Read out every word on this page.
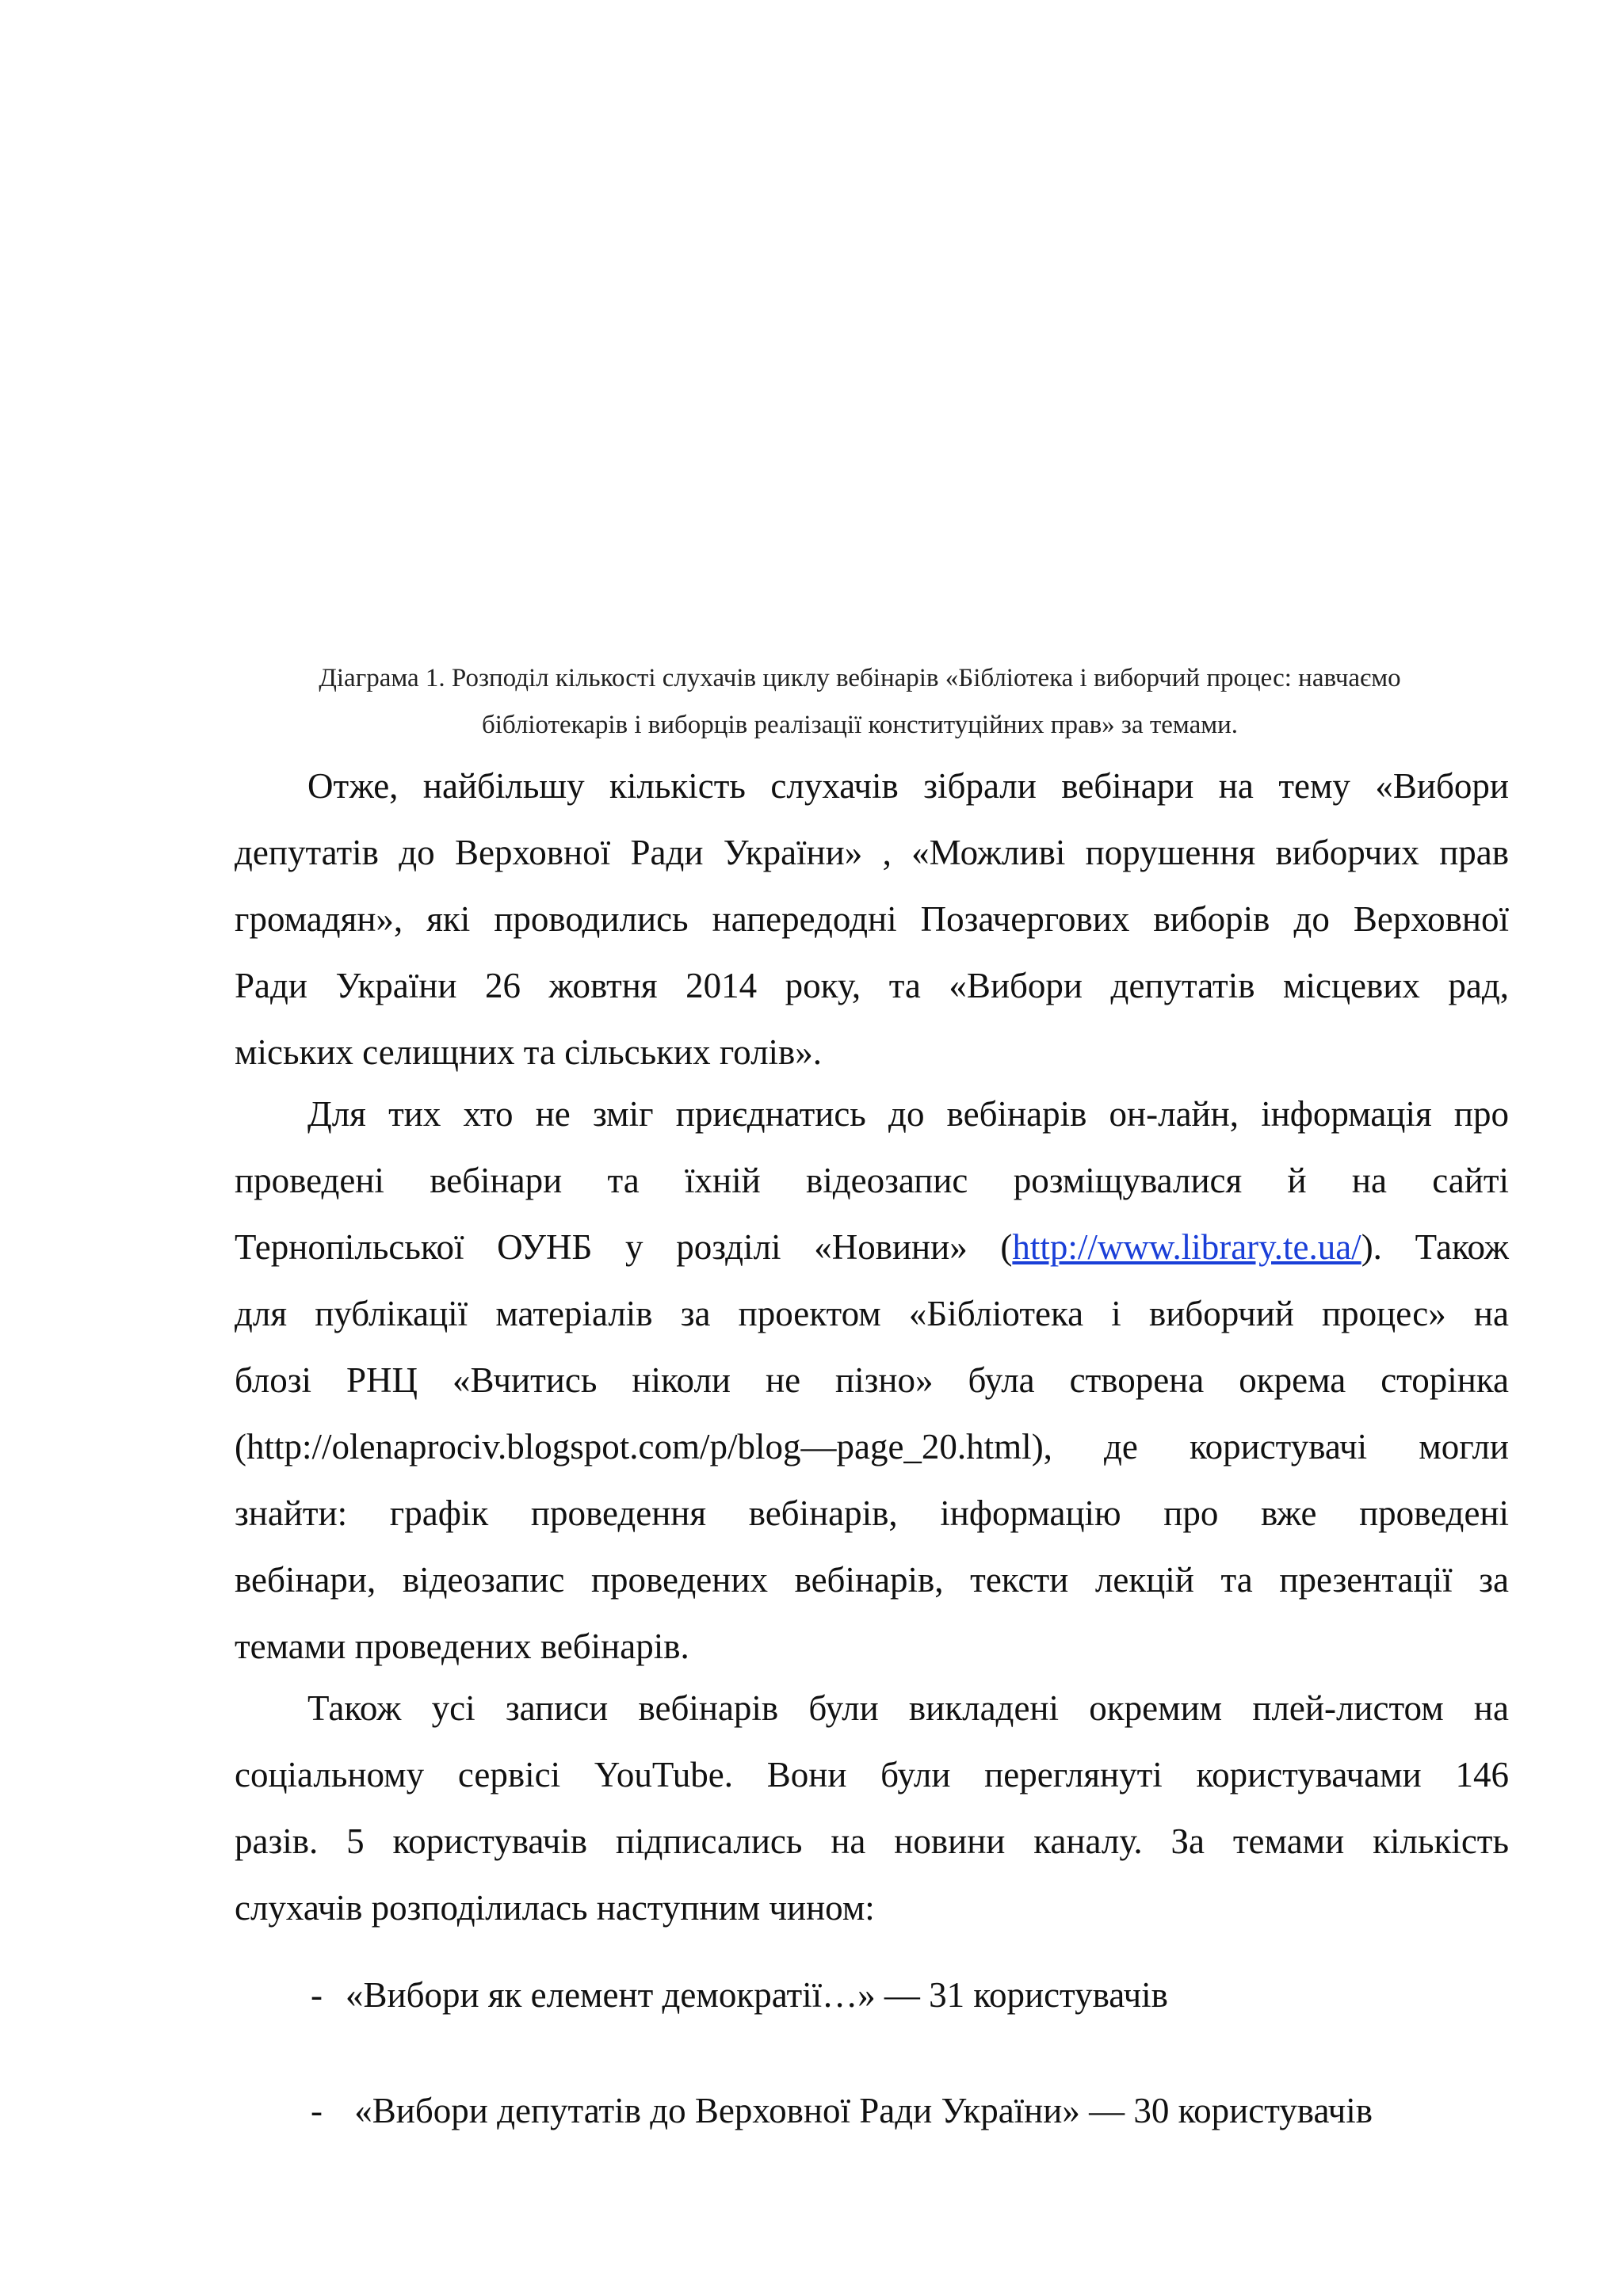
Діаграма 1. Розподіл кількості слухачів циклу вебінарів «Бібліотека і виборчий процес: навчаємо
бібліотекарів і виборців реалізації конституційних прав» за темами.
Отже, найбільшу кількість слухачів зібрали вебінари на тему «Вибори
депутатів до Верховної Ради України» , «Можливі порушення виборчих прав
громадян», які проводились напередодні Позачергових виборів до Верховної
Ради України 26 жовтня 2014 року, та «Вибори депутатів місцевих рад,
міських селищних та сільських голів».
Для тих хто не зміг приєднатись до вебінарів он-лайн, інформація про
проведені вебінари та їхній відеозапис розміщувалися й на сайті
Тернопільської ОУНБ у розділі «Новини» (http://www.library.te.ua/). Також
для публікації матеріалів за проектом «Бібліотека і виборчий процес» на
блозі РНЦ «Вчитись ніколи не пізно» була створена окрема сторінка
(http://olenaprociv.blogspot.com/p/blog—page_20.html), де користувачі могли
знайти: графік проведення вебінарів, інформацію про вже проведені
вебінари, відеозапис проведених вебінарів, тексти лекцій та презентації за
темами проведених вебінарів.
Також усі записи вебінарів були викладені окремим плей-листом на
соціальному сервісі YouTube. Вони були переглянуті користувачами 146
разів. 5 користувачів підписались на новини каналу. За темами кількість
слухачів розподілилась наступним чином:
- «Вибори як елемент демократії…» — 31 користувачів
- «Вибори депутатів до Верховної Ради України» — 30 користувачів
